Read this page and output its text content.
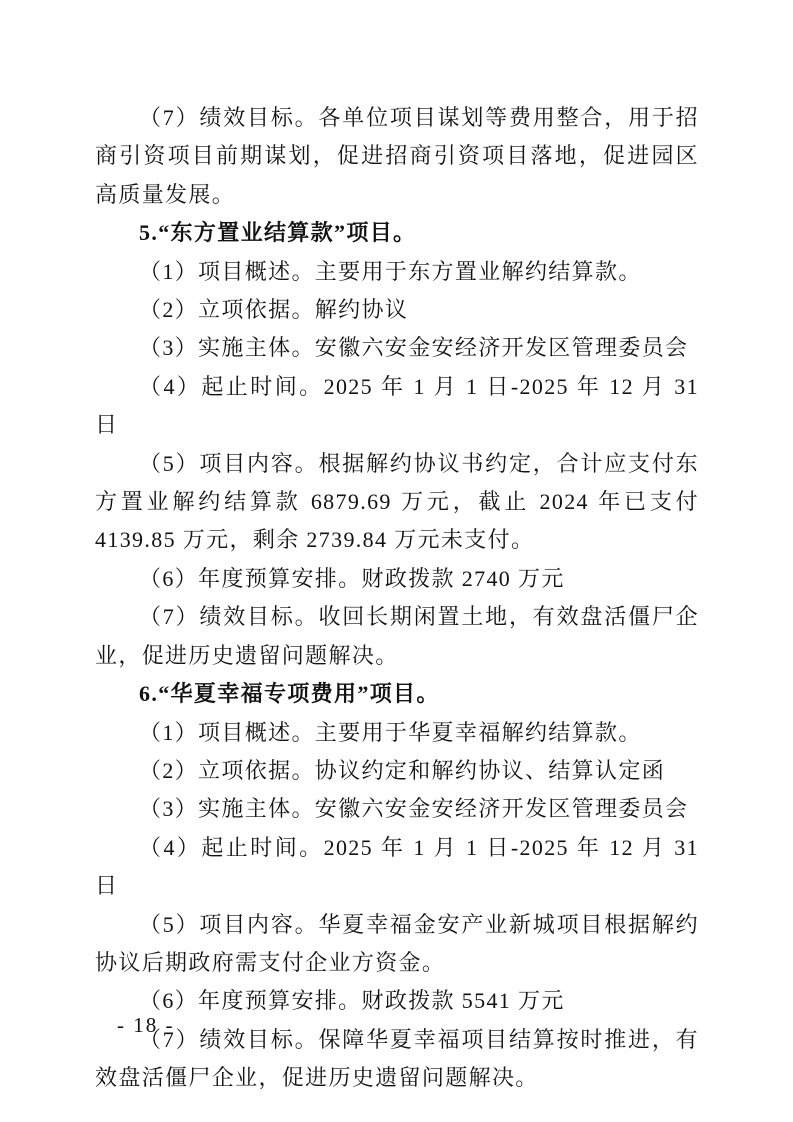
（7）绩效目标。各单位项目谋划等费用整合，用于招商引资项目前期谋划，促进招商引资项目落地，促进园区高质量发展。

5.“东方置业结算款”项目。

（1）项目概述。主要用于东方置业解约结算款。

（2）立项依据。解约协议

（3）实施主体。安徽六安金安经济开发区管理委员会

（4）起止时间。2025 年 1 月 1 日-2025 年 12 月 31 日

（5）项目内容。根据解约协议书约定，合计应支付东方置业解约结算款 6879.69 万元，截止 2024 年已支付 4139.85 万元，剩余 2739.84 万元未支付。

（6）年度预算安排。财政拨款 2740 万元

（7）绩效目标。收回长期闲置土地，有效盘活僵尸企业，促进历史遗留问题解决。

6.“华夏幸福专项费用”项目。

（1）项目概述。主要用于华夏幸福解约结算款。

（2）立项依据。协议约定和解约协议、结算认定函

（3）实施主体。安徽六安金安经济开发区管理委员会

（4）起止时间。2025 年 1 月 1 日-2025 年 12 月 31 日

（5）项目内容。华夏幸福金安产业新城项目根据解约协议后期政府需支付企业方资金。

（6）年度预算安排。财政拨款 5541 万元

（7）绩效目标。保障华夏幸福项目结算按时推进，有效盘活僵尸企业，促进历史遗留问题解决。

- 18 -
